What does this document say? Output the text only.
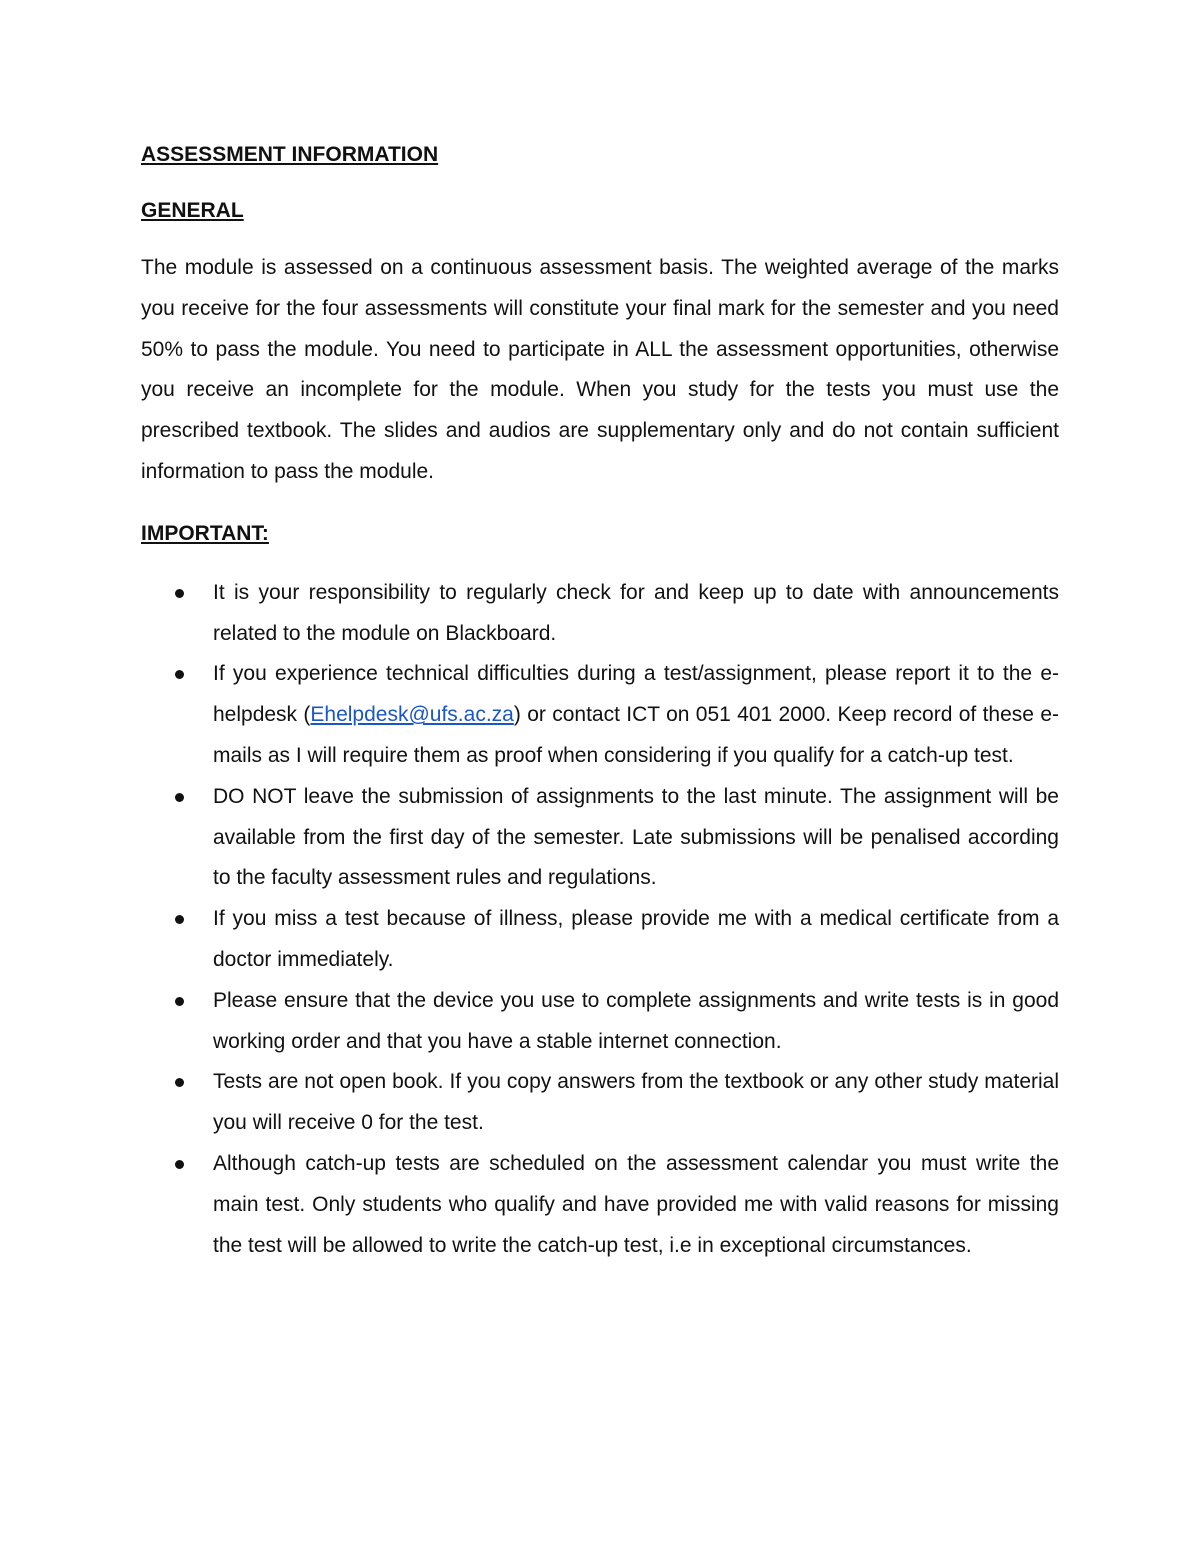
ASSESSMENT INFORMATION
GENERAL

The module is assessed on a continuous assessment basis. The weighted average of the marks you receive for the four assessments will constitute your final mark for the semester and you need 50% to pass the module. You need to participate in ALL the assessment opportunities, otherwise you receive an incomplete for the module. When you study for the tests you must use the prescribed textbook. The slides and audios are supplementary only and do not contain sufficient information to pass the module.

IMPORTANT:
It is your responsibility to regularly check for and keep up to date with announcements related to the module on Blackboard.
If you experience technical difficulties during a test/assignment, please report it to the e-helpdesk (Ehelpdesk@ufs.ac.za) or contact ICT on 051 401 2000. Keep record of these e-mails as I will require them as proof when considering if you qualify for a catch-up test.
DO NOT leave the submission of assignments to the last minute. The assignment will be available from the first day of the semester. Late submissions will be penalised according to the faculty assessment rules and regulations.
If you miss a test because of illness, please provide me with a medical certificate from a doctor immediately.
Please ensure that the device you use to complete assignments and write tests is in good working order and that you have a stable internet connection.
Tests are not open book. If you copy answers from the textbook or any other study material you will receive 0 for the test.
Although catch-up tests are scheduled on the assessment calendar you must write the main test. Only students who qualify and have provided me with valid reasons for missing the test will be allowed to write the catch-up test, i.e in exceptional circumstances.
